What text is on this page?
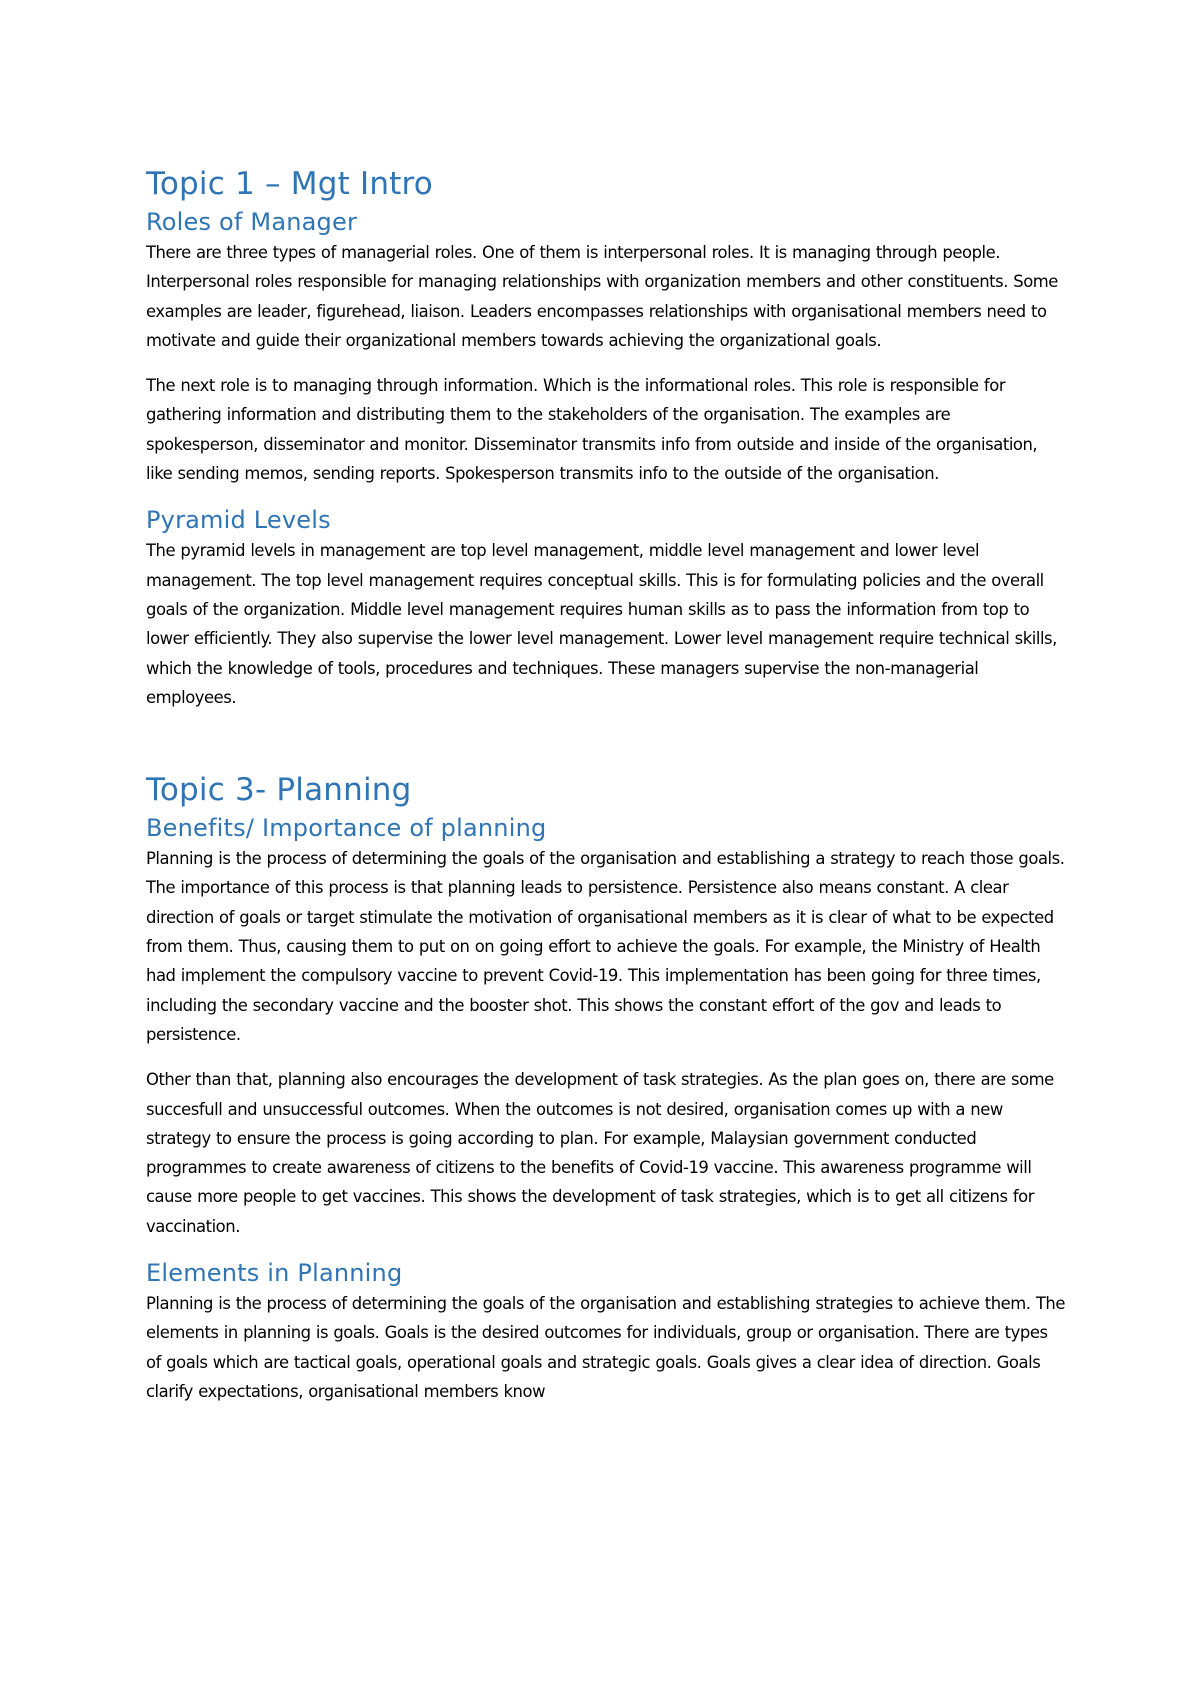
Topic 1 – Mgt Intro
Roles of Manager

There are three types of managerial roles. One of them is interpersonal roles. It is managing through people. Interpersonal roles responsible for managing relationships with organization members and other constituents. Some examples are leader, figurehead, liaison. Leaders encompasses relationships with organisational members need to motivate and guide their organizational members towards achieving the organizational goals.

The next role is to managing through information. Which is the informational roles. This role is responsible for gathering information and distributing them to the stakeholders of the organisation. The examples are spokesperson, disseminator and monitor. Disseminator transmits info from outside and inside of the organisation, like sending memos, sending reports. Spokesperson transmits info to the outside of the organisation.

Pyramid Levels

The pyramid levels in management are top level management, middle level management and lower level management. The top level management requires conceptual skills. This is for formulating policies and the overall goals of the organization. Middle level management requires human skills as to pass the information from top to lower efficiently. They also supervise the lower level management. Lower level management require technical skills, which the knowledge of tools, procedures and techniques. These managers supervise the non-managerial employees.

Topic 3- Planning
Benefits/ Importance of planning

Planning is the process of determining the goals of the organisation and establishing a strategy to reach those goals. The importance of this process is that planning leads to persistence. Persistence also means constant. A clear direction of goals or target stimulate the motivation of organisational members as it is clear of what to be expected from them. Thus, causing them to put on on going effort to achieve the goals. For example, the Ministry of Health had implement the compulsory vaccine to prevent Covid-19. This implementation has been going for three times, including the secondary vaccine and the booster shot. This shows the constant effort of the gov and leads to persistence.

Other than that, planning also encourages the development of task strategies. As the plan goes on, there are some succesfull and unsuccessful outcomes. When the outcomes is not desired, organisation comes up with a new strategy to ensure the process is going according to plan. For example, Malaysian government conducted programmes to create awareness of citizens to the benefits of Covid-19 vaccine. This awareness programme will cause more people to get vaccines. This shows the development of task strategies, which is to get all citizens for vaccination.

Elements in Planning

Planning is the process of determining the goals of the organisation and establishing strategies to achieve them. The elements in planning is goals. Goals is the desired outcomes for individuals, group or organisation. There are types of goals which are tactical goals, operational goals and strategic goals. Goals gives a clear idea of direction. Goals clarify expectations, organisational members know
